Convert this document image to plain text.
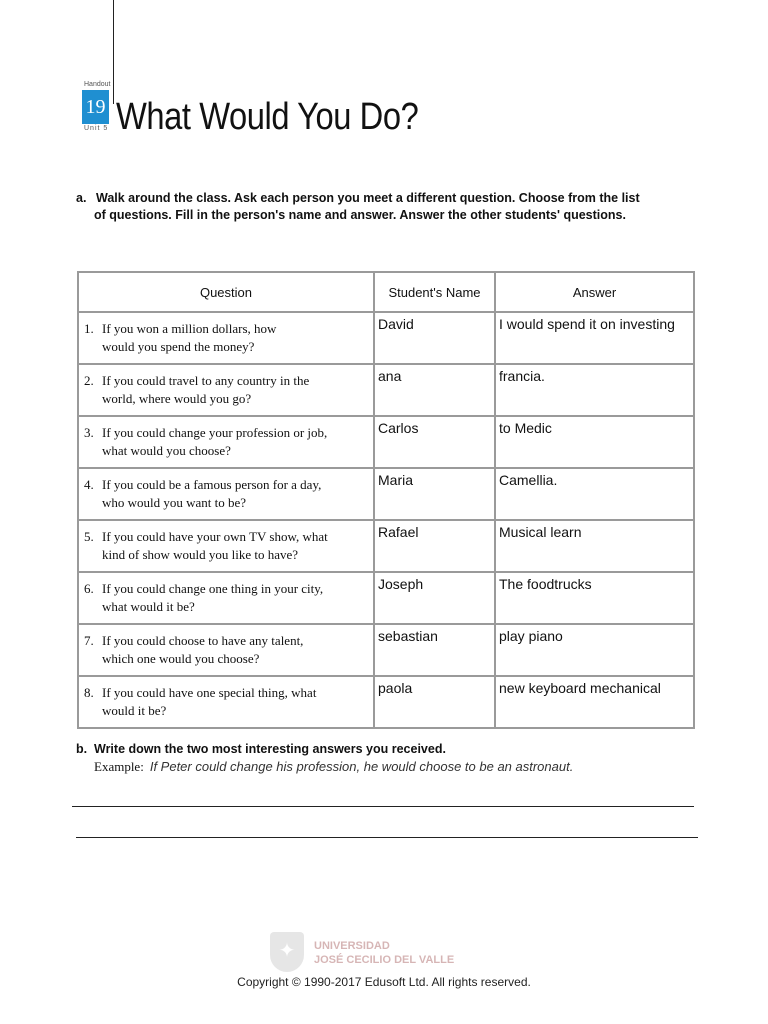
Handout
19
Unit 5 What Would You Do?
a. Walk around the class. Ask each person you meet a different question. Choose from the list
of questions. Fill in the person's name and answer. Answer the other students' questions.
Question	Student's Name	Answer

1. If you won a million dollars, how
would you spend the money?	David	I would spend it on investing

2. If you could travel to any country in the
world, where would you go?	ana	francia.

3. If you could change your profession or job,
what would you choose?	Carlos	to Medic

4. If you could be a famous person for a day,
who would you want to be?	Maria	Camellia.

5. If you could have your own TV show, what
kind of show would you like to have?	Rafael	Musical learn

6. If you could change one thing in your city,
what would it be?	Joseph	The foodtrucks

7. If you could choose to have any talent,
which one would you choose?	sebastian	play piano

8. If you could have one special thing, what
would it be?	paola	new keyboard mechanical
b. Write down the two most interesting answers you received.
Example: If Peter could change his profession, he would choose to be an astronaut.
✦	UNIVERSIDAD
JOSÉ CECILIO DEL VALLE
Copyright © 1990-2017 Edusoft Ltd. All rights reserved.
